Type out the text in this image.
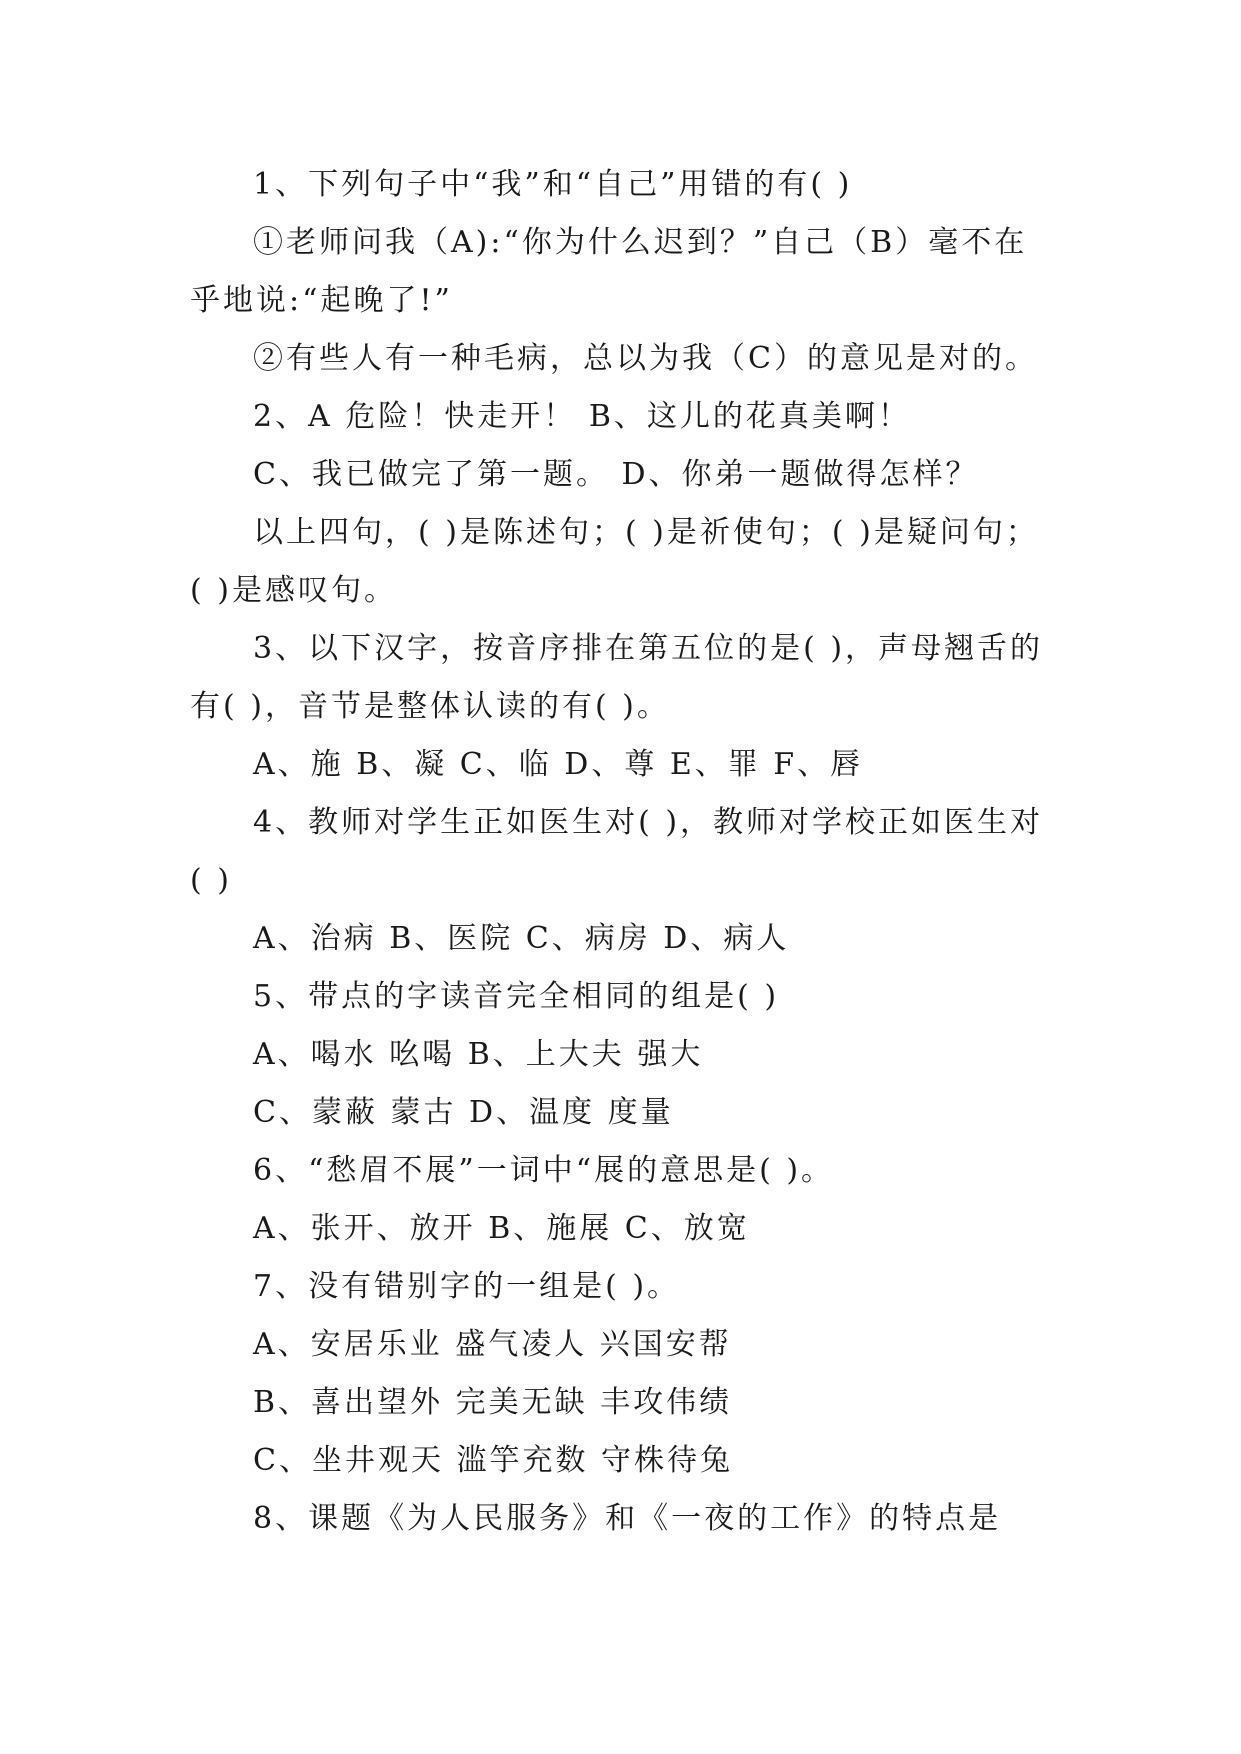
1、下列句子中“我”和“自己”用错的有( )
①老师问我（A):“你为什么迟到？”自己（B）毫不在
乎地说:“起晚了!”
②有些人有一种毛病，总以为我（C）的意见是对的。
2、A 危险！快走开！ B、这儿的花真美啊！
C、我已做完了第一题。 D、你弟一题做得怎样？
以上四句，( )是陈述句；( )是祈使句；( )是疑问句；
( )是感叹句。
3、以下汉字，按音序排在第五位的是( )，声母翘舌的
有( )，音节是整体认读的有( )。
A、施 B、凝 C、临 D、尊 E、罪 F、唇
4、教师对学生正如医生对( )，教师对学校正如医生对
( )
A、治病 B、医院 C、病房 D、病人
5、带点的字读音完全相同的组是( )
A、喝水 吆喝 B、上大夫 强大
C、蒙蔽 蒙古 D、温度 度量
6、“愁眉不展”一词中“展的意思是( )。
A、张开、放开 B、施展 C、放宽
7、没有错别字的一组是( )。
A、安居乐业 盛气凌人 兴国安帮
B、喜出望外 完美无缺 丰攻伟绩
C、坐井观天 滥竽充数 守株待兔
8、课题《为人民服务》和《一夜的工作》的特点是
